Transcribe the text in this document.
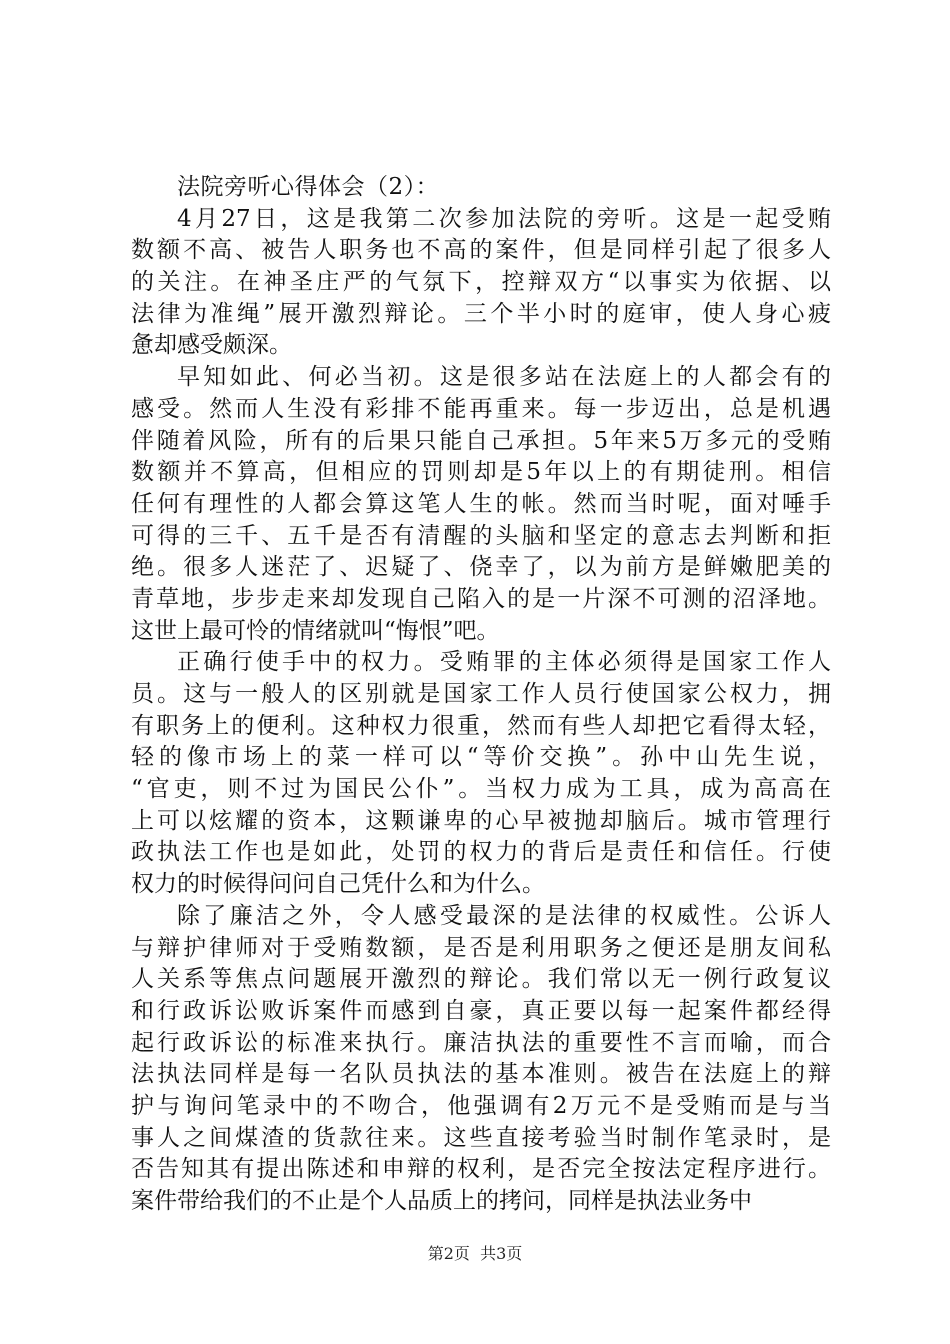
法院旁听心得体会（2）：
4月27日，这是我第二次参加法院的旁听。这是一起受贿
数额不高、被告人职务也不高的案件，但是同样引起了很多人
的关注。在神圣庄严的气氛下，控辩双方“以事实为依据、以
法律为准绳”展开激烈辩论。三个半小时的庭审，使人身心疲
惫却感受颇深。
早知如此、何必当初。这是很多站在法庭上的人都会有的
感受。然而人生没有彩排不能再重来。每一步迈出，总是机遇
伴随着风险，所有的后果只能自己承担。5年来5万多元的受贿
数额并不算高，但相应的罚则却是5年以上的有期徒刑。相信
任何有理性的人都会算这笔人生的帐。然而当时呢，面对唾手
可得的三千、五千是否有清醒的头脑和坚定的意志去判断和拒
绝。很多人迷茫了、迟疑了、侥幸了，以为前方是鲜嫩肥美的
青草地，步步走来却发现自己陷入的是一片深不可测的沼泽地。
这世上最可怜的情绪就叫“悔恨”吧。
正确行使手中的权力。受贿罪的主体必须得是国家工作人
员。这与一般人的区别就是国家工作人员行使国家公权力，拥
有职务上的便利。这种权力很重，然而有些人却把它看得太轻，
轻的像市场上的菜一样可以“等价交换”。孙中山先生说，
“官吏，则不过为国民公仆”。当权力成为工具，成为高高在
上可以炫耀的资本，这颗谦卑的心早被抛却脑后。城市管理行
政执法工作也是如此，处罚的权力的背后是责任和信任。行使
权力的时候得问问自己凭什么和为什么。
除了廉洁之外，令人感受最深的是法律的权威性。公诉人
与辩护律师对于受贿数额，是否是利用职务之便还是朋友间私
人关系等焦点问题展开激烈的辩论。我们常以无一例行政复议
和行政诉讼败诉案件而感到自豪，真正要以每一起案件都经得
起行政诉讼的标准来执行。廉洁执法的重要性不言而喻，而合
法执法同样是每一名队员执法的基本准则。被告在法庭上的辩
护与询问笔录中的不吻合，他强调有2万元不是受贿而是与当
事人之间煤渣的货款往来。这些直接考验当时制作笔录时，是
否告知其有提出陈述和申辩的权利，是否完全按法定程序进行。
案件带给我们的不止是个人品质上的拷问，同样是执法业务中
第2页  共3页
